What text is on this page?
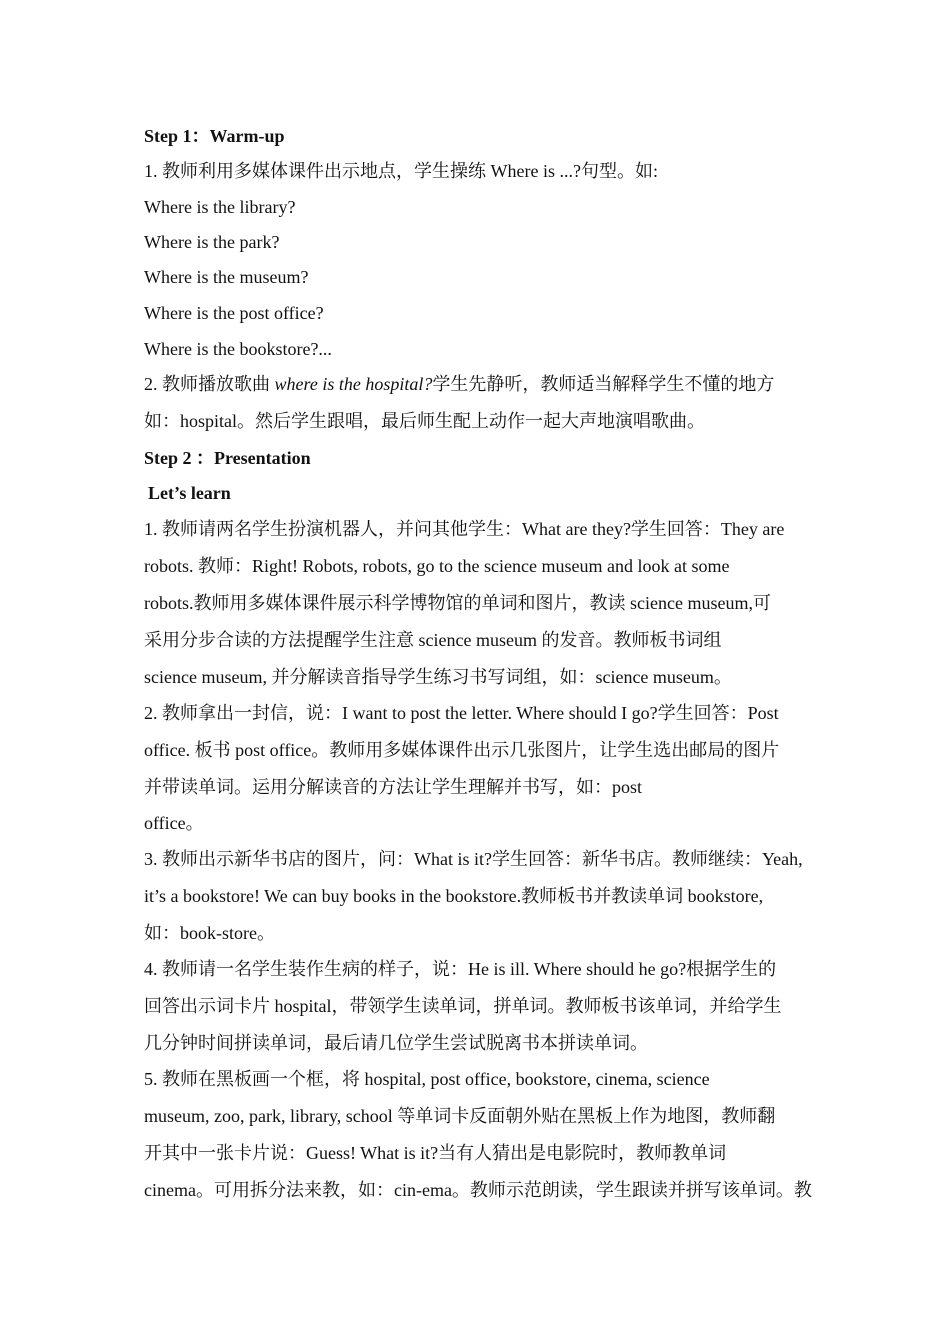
Step 1：Warm-up
1. 教师利用多媒体课件出示地点，学生操练 Where is ...?句型。如:
Where is the library?
Where is the park?
Where is the museum?
Where is the post office?
Where is the bookstore?...
2. 教师播放歌曲 where is the hospital?学生先静听，教师适当解释学生不懂的地方
如：hospital。然后学生跟唱，最后师生配上动作一起大声地演唱歌曲。
Step 2 ：Presentation
Let’s learn
1. 教师请两名学生扮演机器人，并问其他学生：What are they?学生回答：They are
robots. 教师：Right! Robots, robots, go to the science museum and look at some
robots.教师用多媒体课件展示科学博物馆的单词和图片，教读 science museum,可
采用分步合读的方法提醒学生注意 science museum 的发音。教师板书词组
science museum, 并分解读音指导学生练习书写词组，如：science museum。
2. 教师拿出一封信，说：I want to post the letter. Where should I go?学生回答：Post
office. 板书 post office。教师用多媒体课件出示几张图片，让学生选出邮局的图片
并带读单词。运用分解读音的方法让学生理解并书写，如：post
office。
3. 教师出示新华书店的图片，问：What is it?学生回答：新华书店。教师继续：Yeah,
it’s a bookstore! We can buy books in the bookstore.教师板书并教读单词 bookstore,
如：book-store。
4. 教师请一名学生装作生病的样子，说：He is ill. Where should he go?根据学生的
回答出示词卡片 hospital，带领学生读单词，拼单词。教师板书该单词，并给学生
几分钟时间拼读单词，最后请几位学生尝试脱离书本拼读单词。
5. 教师在黑板画一个框，将 hospital, post office, bookstore, cinema, science
museum, zoo, park, library, school 等单词卡反面朝外贴在黑板上作为地图，教师翻
开其中一张卡片说：Guess! What is it?当有人猜出是电影院时，教师教单词
cinema。可用拆分法来教，如：cin-ema。教师示范朗读，学生跟读并拼写该单词。教
